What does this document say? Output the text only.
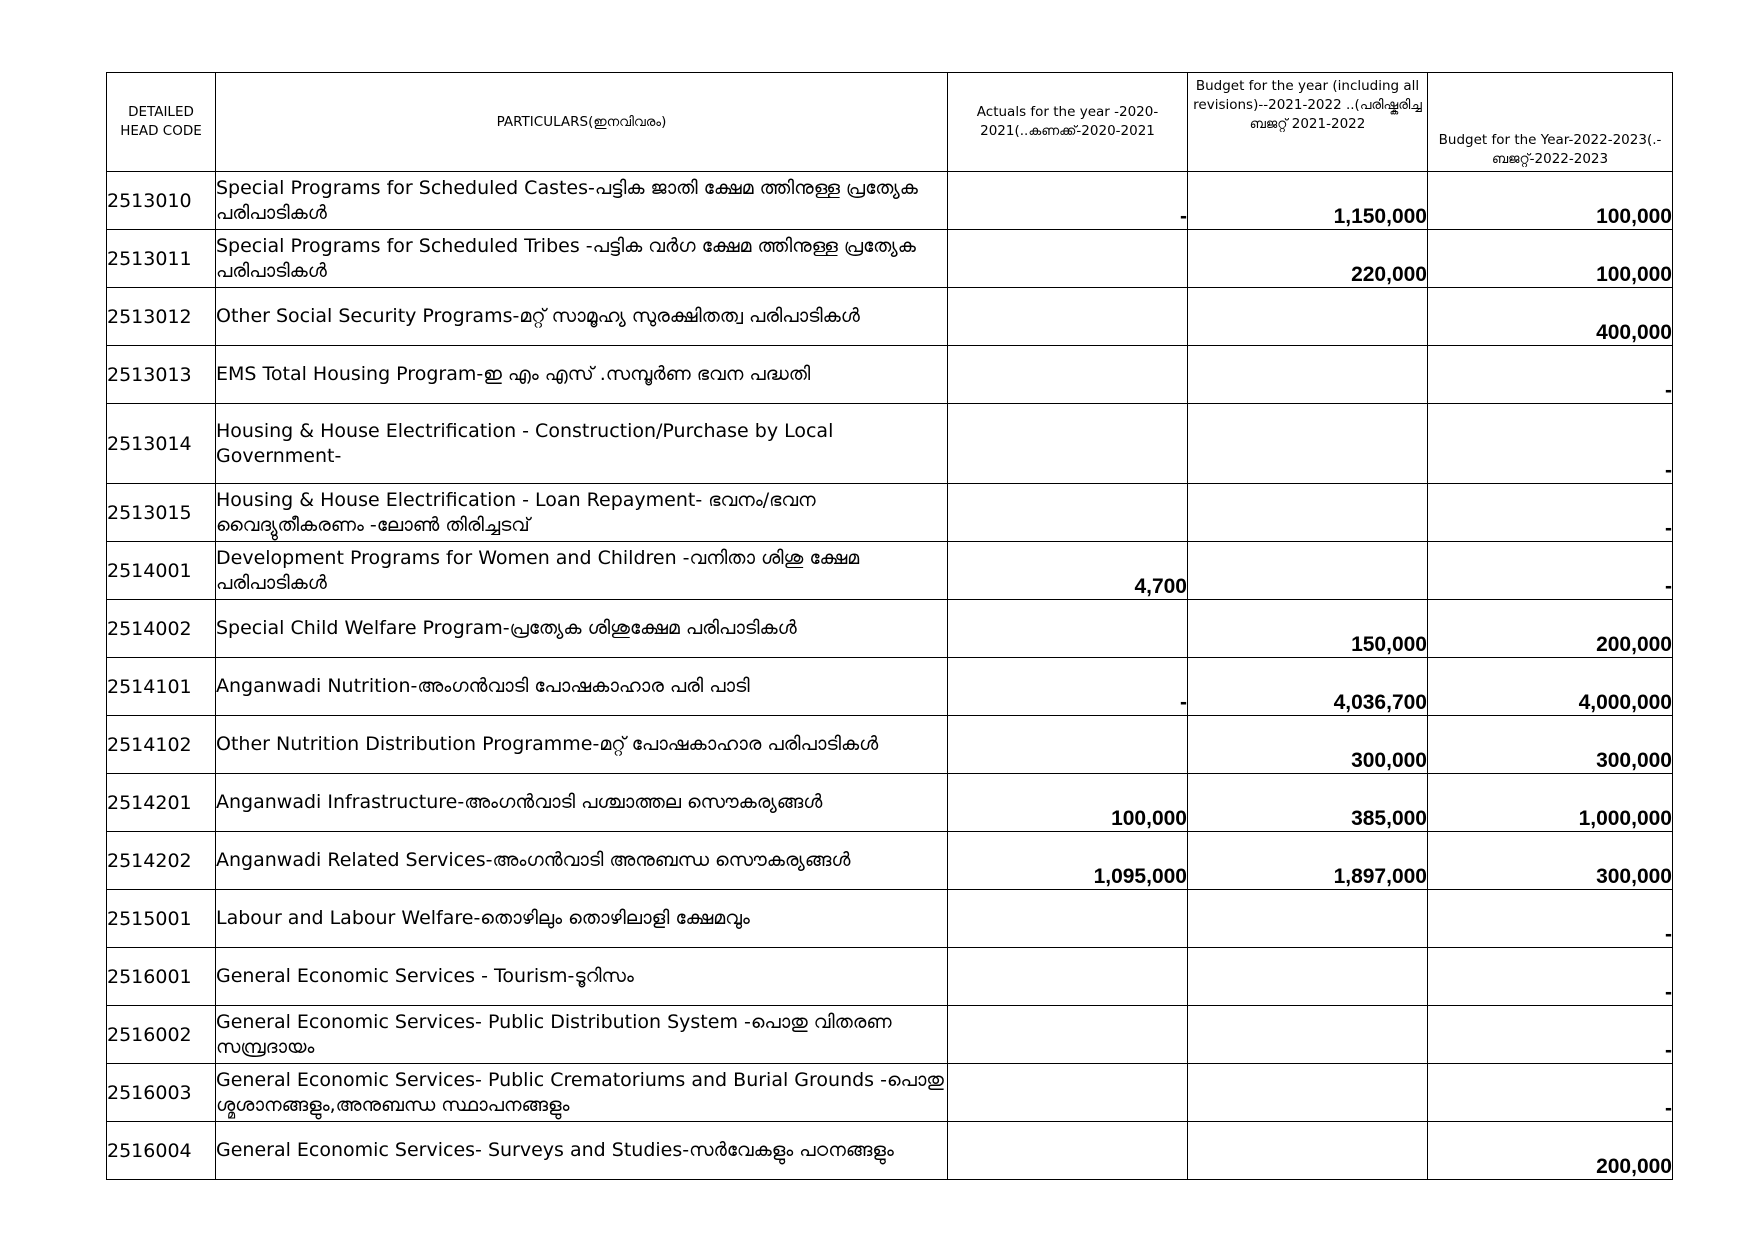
DETAILED HEAD CODE	PARTICULARS(ഇനവിവരം)	Actuals for the year -2020-2021(..കണക്ക്-2020-2021	Budget for the year (including all revisions)--2021-2022 ..(പരിഷ്കരിച്ച ബജറ്റ് 2021-2022	Budget for the Year-2022-2023(.-ബജറ്റ്-2022-2023
2513010	Special Programs for Scheduled Castes-പട്ടിക ജാതി ക്ഷേമ ത്തിനുള്ള പ്രത്യേക പരിപാടികള്‍	-	1,150,000	100,000
2513011	Special Programs for Scheduled Tribes -പട്ടിക വര്‍ഗ ക്ഷേമ ത്തിനുള്ള പ്രത്യേക പരിപാടികള്‍		220,000	100,000
2513012	Other Social Security Programs-മറ്റ് സാമൂഹ്യ സുരക്ഷിതത്വ പരിപാടികള്‍			400,000
2513013	EMS Total Housing Program-ഇ എം എസ് .സമ്പൂര്‍ണ ഭവന പദ്ധതി			-
2513014	Housing & House Electrification - Construction/Purchase by Local Government-			-
2513015	Housing & House Electrification - Loan Repayment- ഭവനം/ഭവന വൈദ്യുതീകരണം -ലോണ്‍ തിരിച്ചടവ്			-
2514001	Development Programs for Women and Children -വനിതാ ശിശു ക്ഷേമ പരിപാടികള്‍	4,700		-
2514002	Special Child Welfare Program-പ്രത്യേക ശിശുക്ഷേമ പരിപാടികള്‍		150,000	200,000
2514101	Anganwadi Nutrition-അംഗന്‍വാടി പോഷകാഹാര പരി പാടി	-	4,036,700	4,000,000
2514102	Other Nutrition Distribution Programme-മറ്റ് പോഷകാഹാര പരിപാടികള്‍		300,000	300,000
2514201	Anganwadi Infrastructure-അംഗന്‍വാടി പശ്ചാത്തല സൌകര്യങ്ങള്‍	100,000	385,000	1,000,000
2514202	Anganwadi Related Services-അംഗന്‍വാടി അനുബന്ധ സൌകര്യങ്ങള്‍	1,095,000	1,897,000	300,000
2515001	Labour and Labour Welfare-തൊഴിലും തൊഴിലാളി ക്ഷേമവും			-
2516001	General Economic Services - Tourism-ടൂറിസം			-
2516002	General Economic Services- Public Distribution System -പൊതു വിതരണ സമ്പ്രദായം			-
2516003	General Economic Services- Public Crematoriums and Burial Grounds -പൊതു ശ്മശാനങ്ങളും,അനുബന്ധ സ്ഥാപനങ്ങളും			-
2516004	General Economic Services- Surveys and Studies-സര്‍വേകളും പഠനങ്ങളും			200,000
